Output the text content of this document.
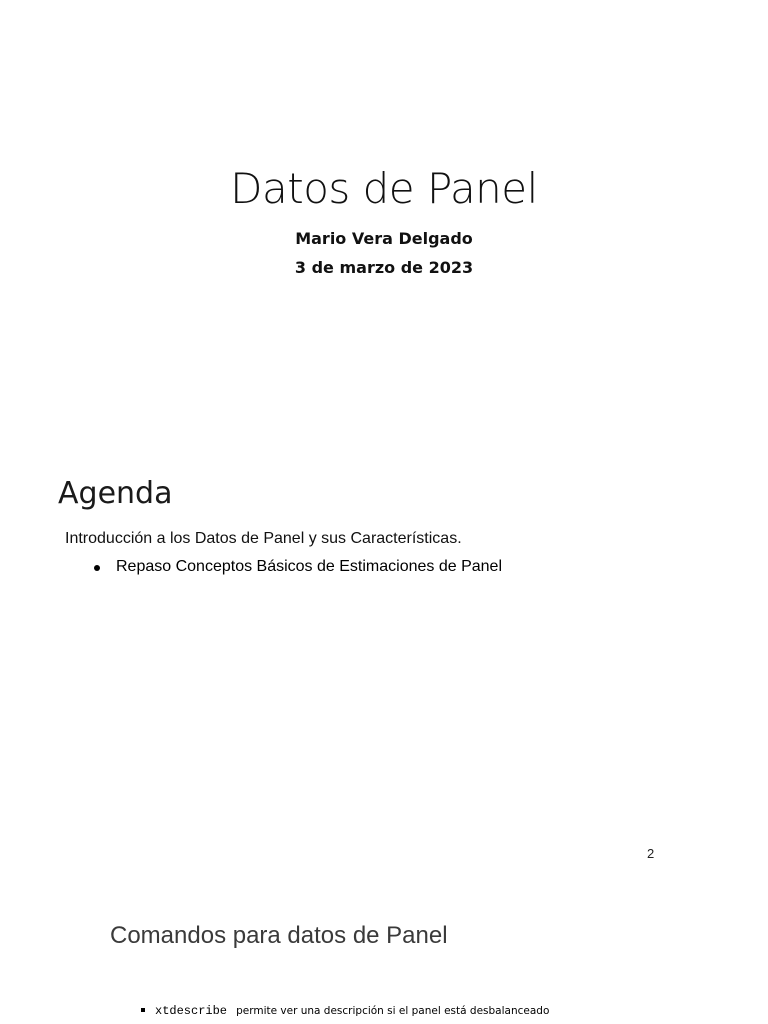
Datos de Panel
Mario Vera Delgado
3 de marzo de 2023
Agenda
Introducción a los Datos de Panel y sus Características.
Repaso Conceptos Básicos de Estimaciones de Panel
2
Comandos para datos de Panel
xtdescribe permite ver una descripción si el panel está desbalanceado
